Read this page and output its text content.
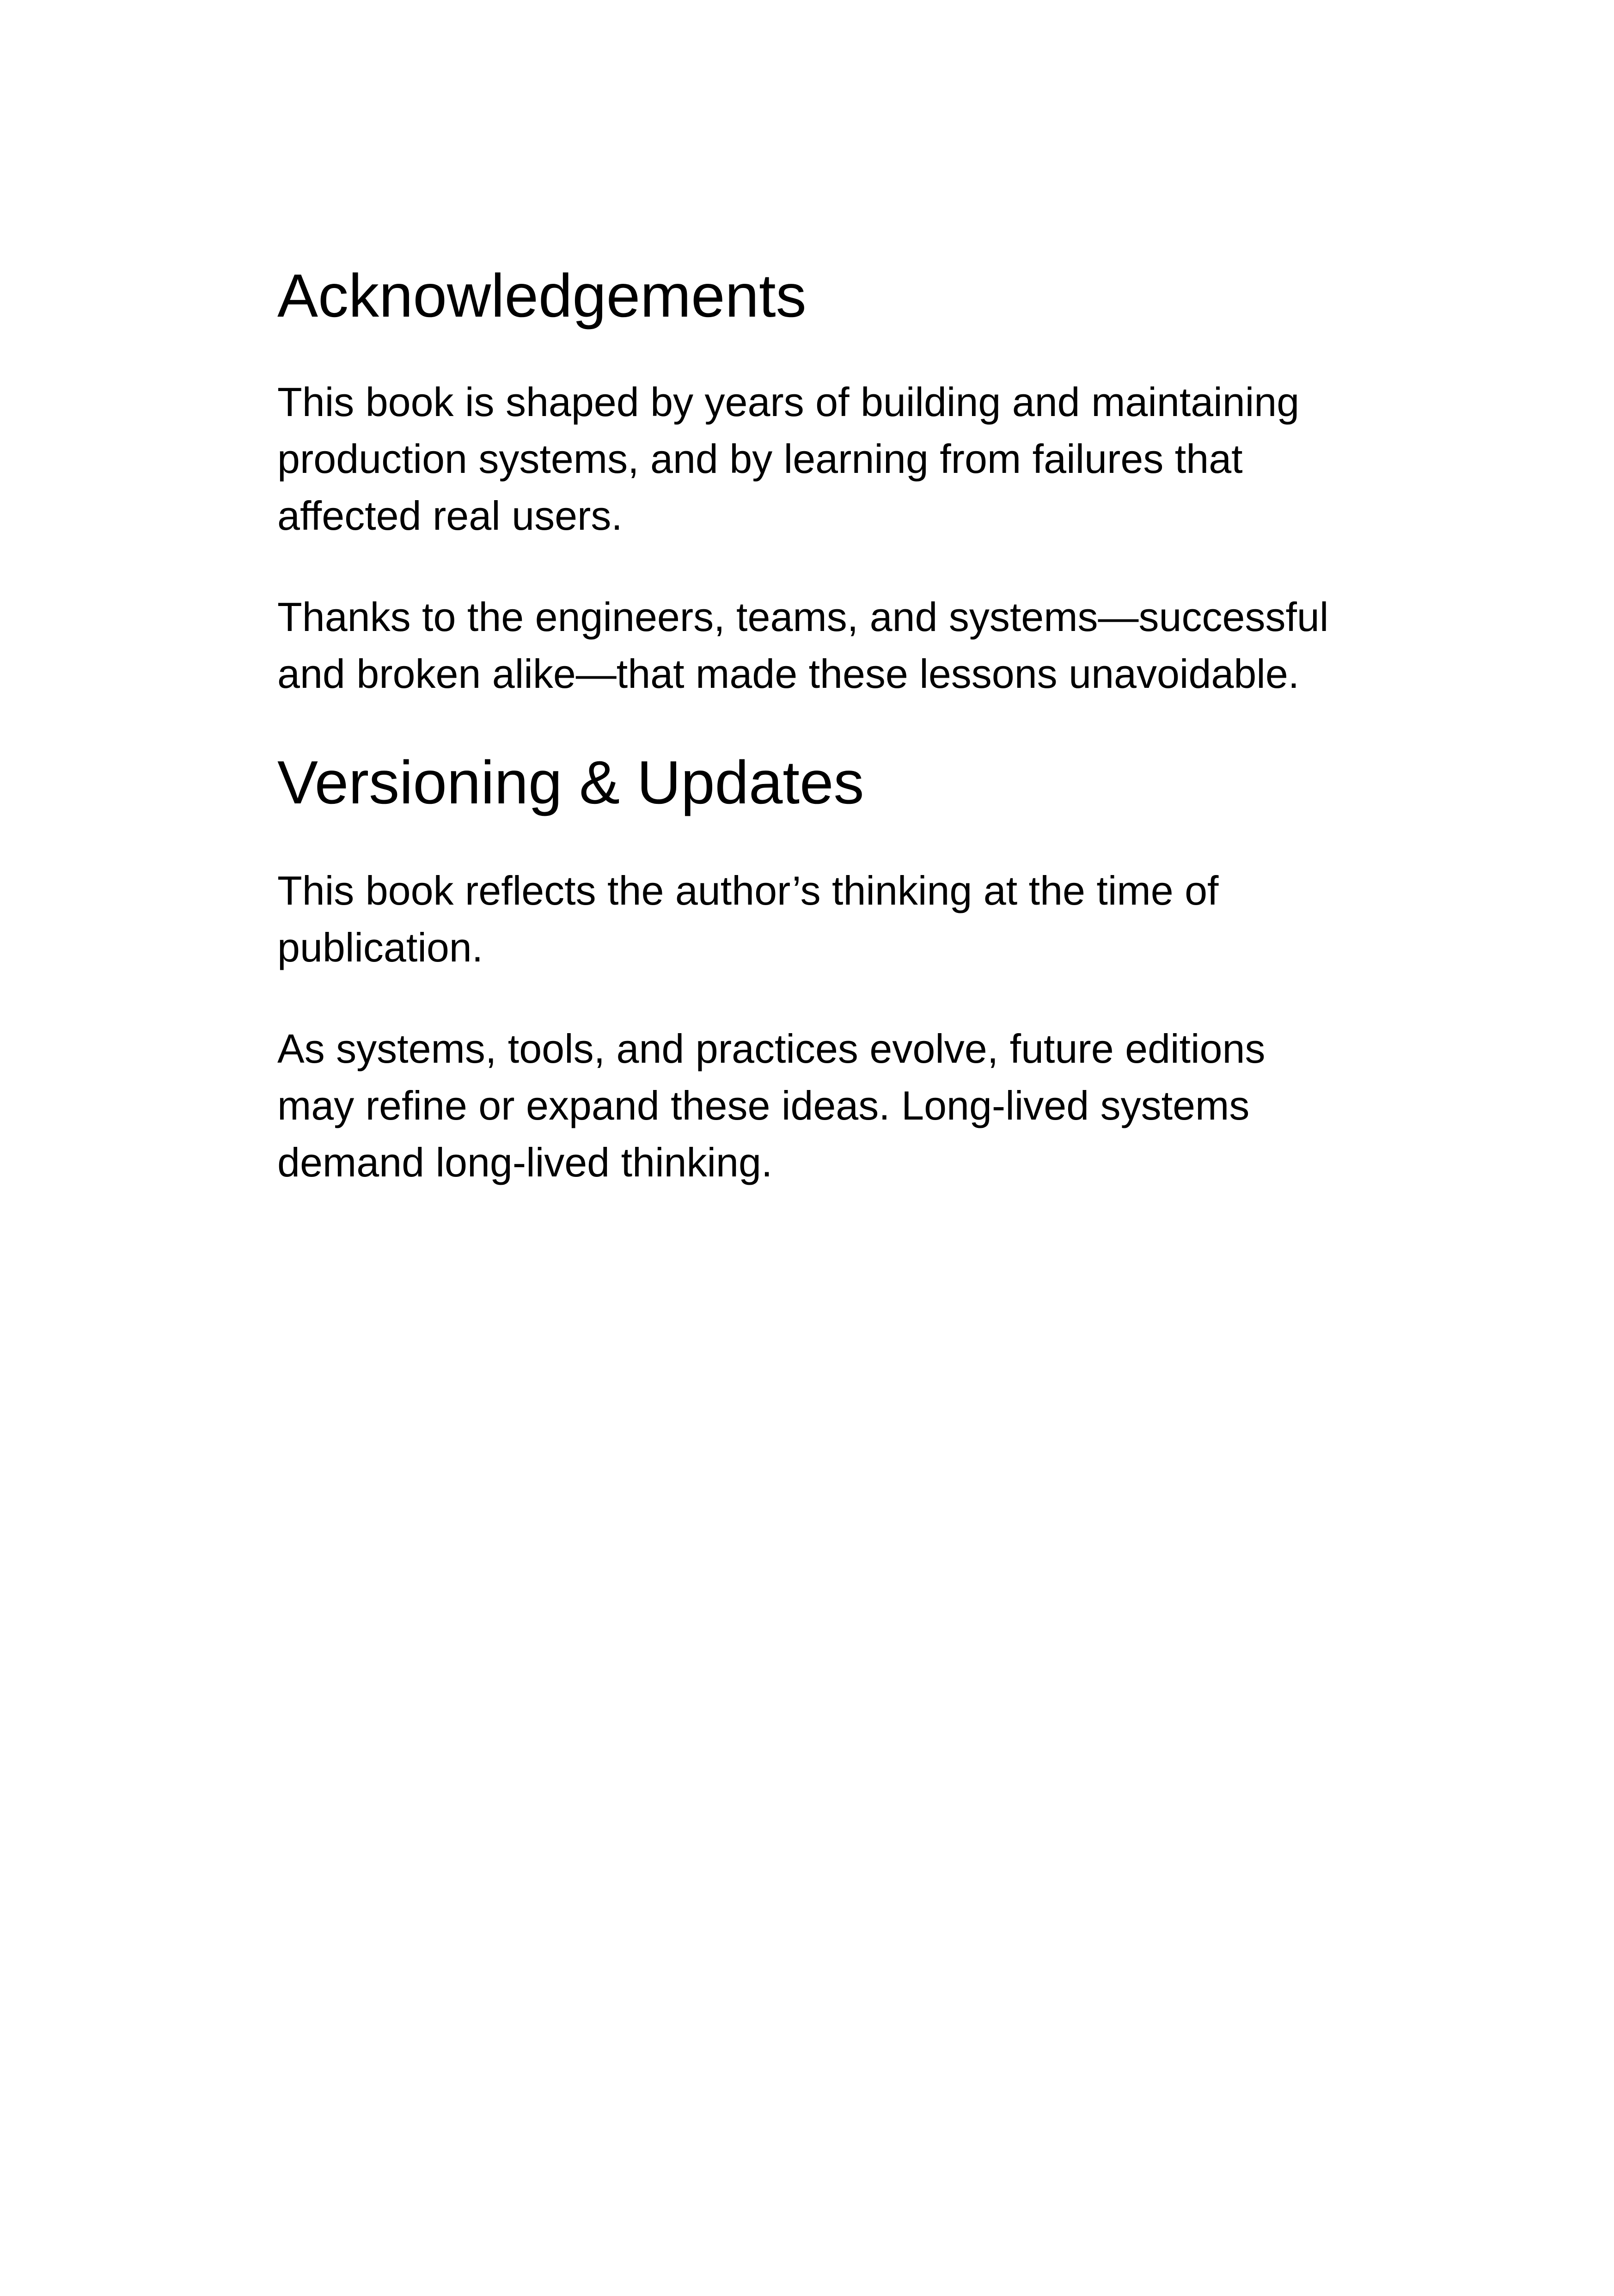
Acknowledgements

This book is shaped by years of building and maintaining production systems, and by learning from failures that affected real users.

Thanks to the engineers, teams, and systems—successful and broken alike—that made these lessons unavoidable.

Versioning & Updates

This book reflects the author’s thinking at the time of publication.

As systems, tools, and practices evolve, future editions may refine or expand these ideas. Long-lived systems demand long-lived thinking.
